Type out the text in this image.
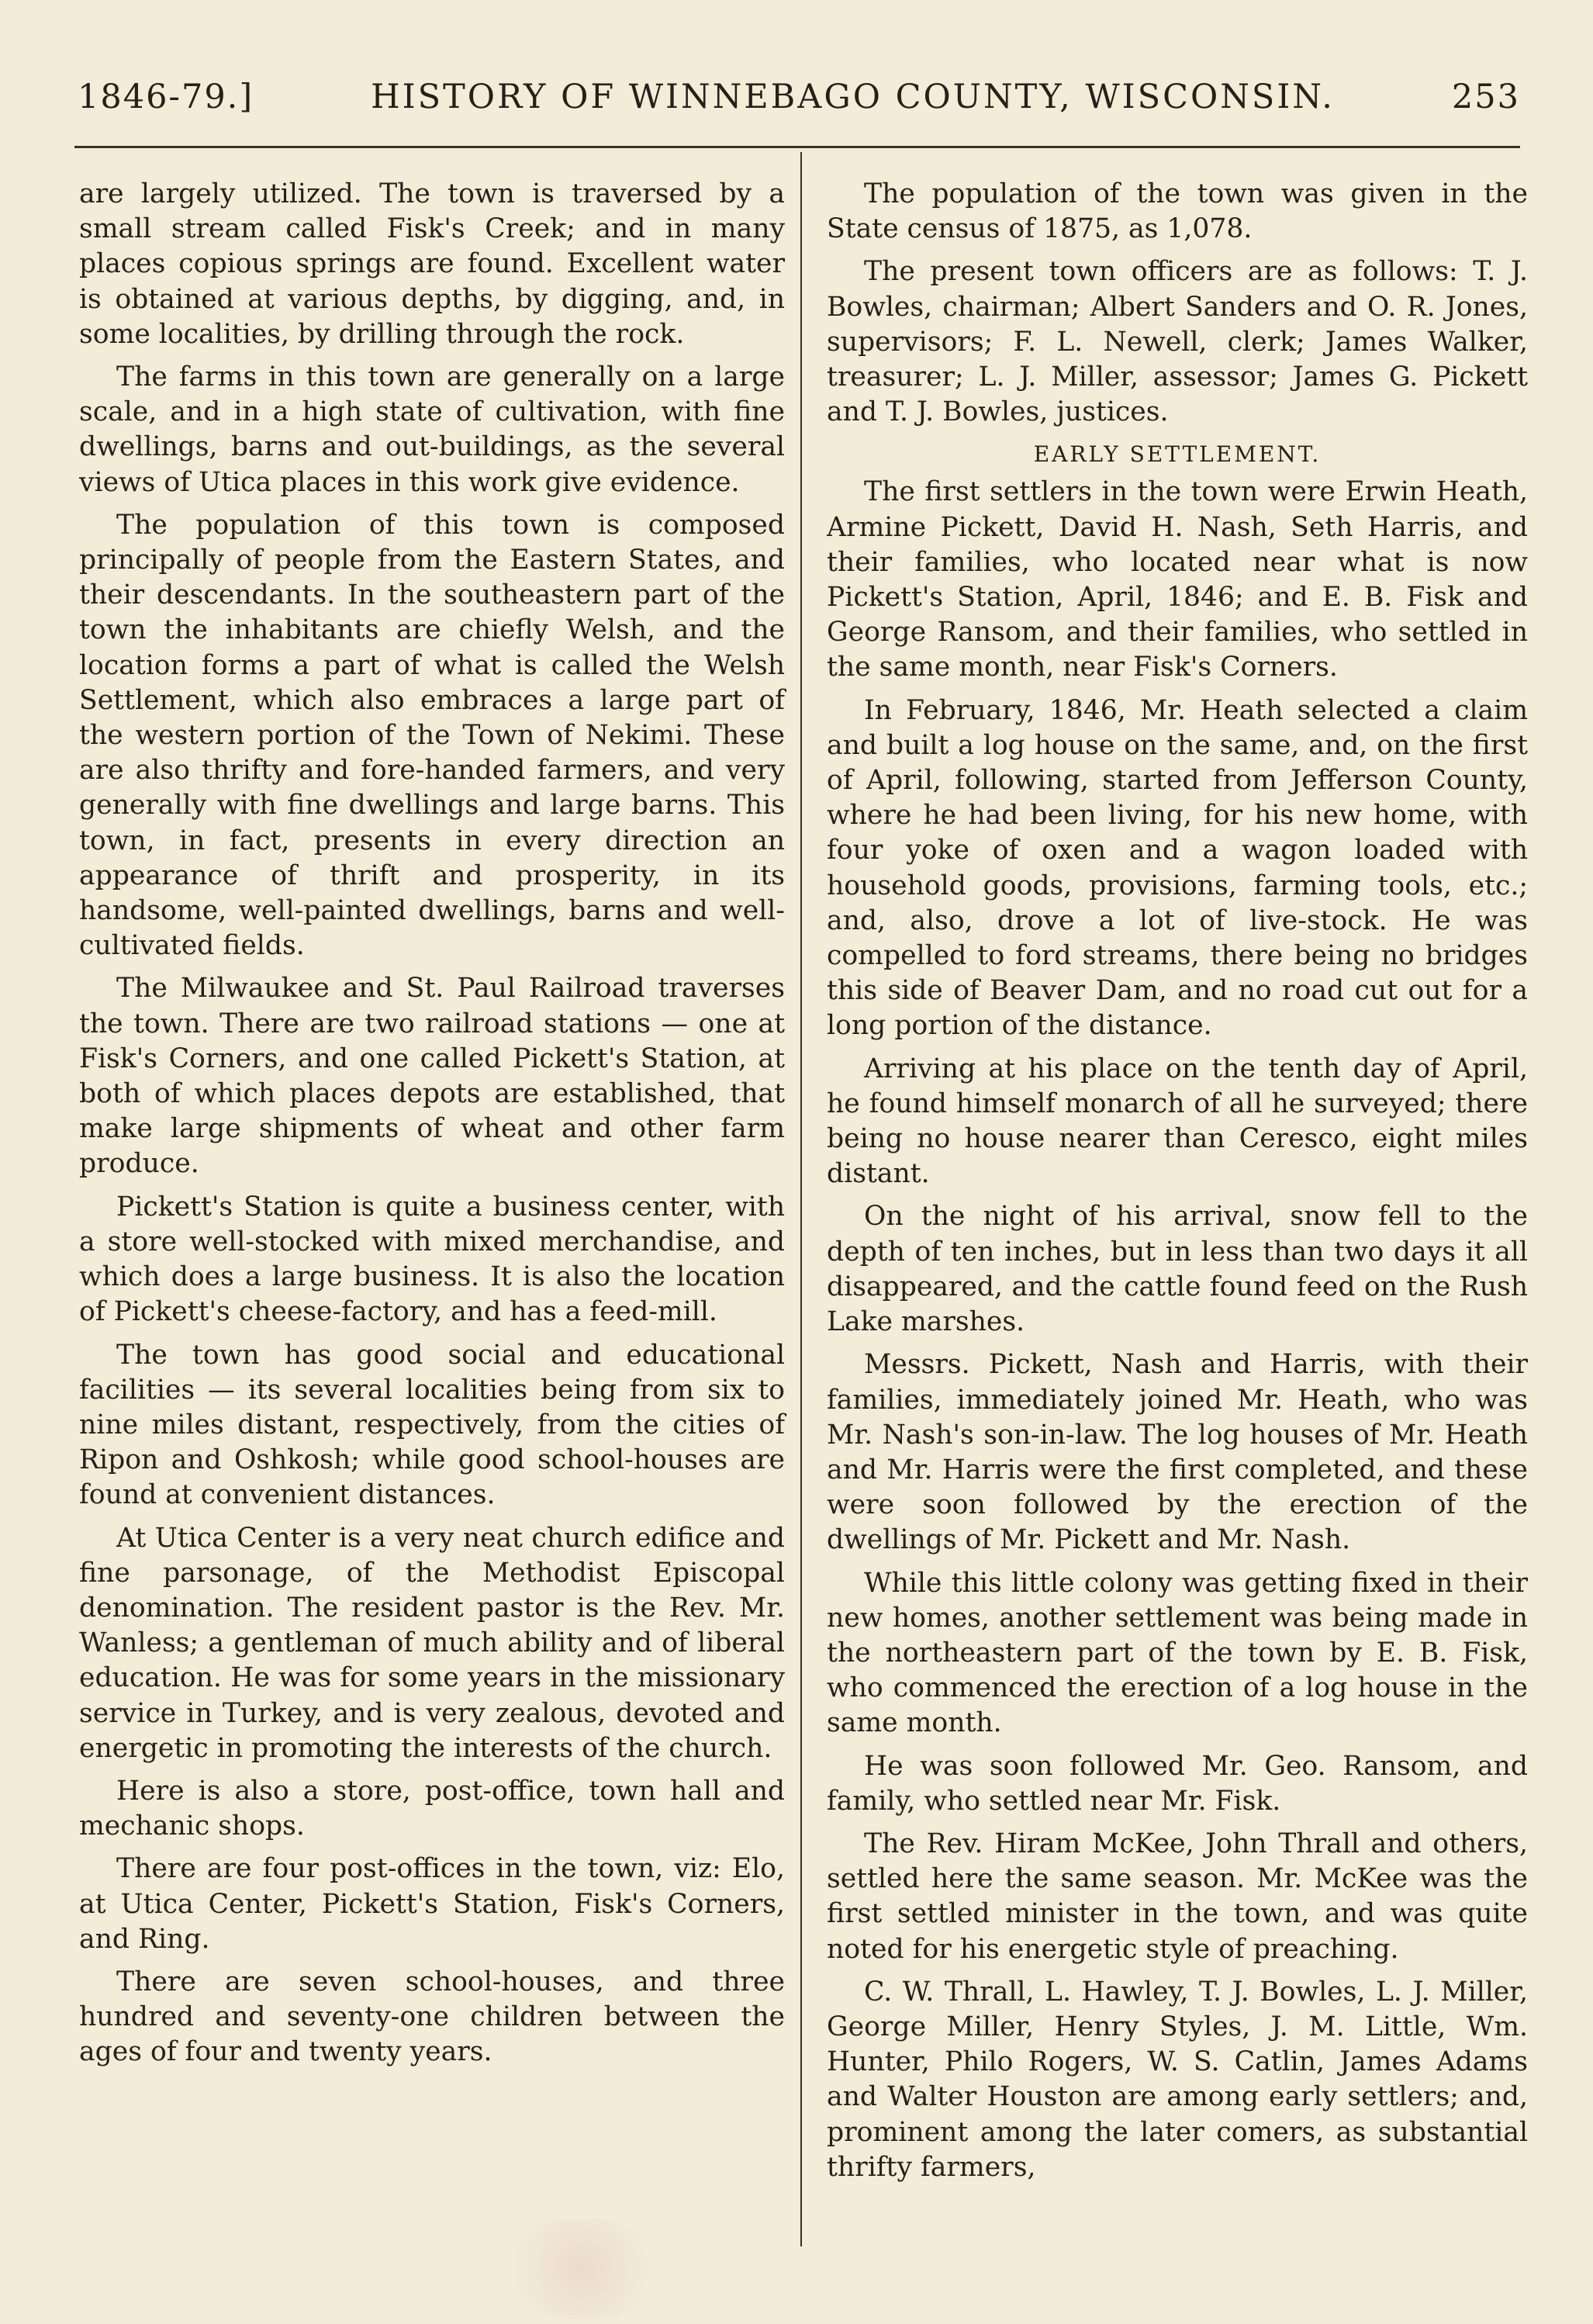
1846-79.]	HISTORY OF WINNEBAGO COUNTY, WISCONSIN.	253

are largely utilized. The town is traversed by a small stream called Fisk's Creek; and in many places copious springs are found. Excellent water is obtained at various depths, by digging, and, in some localities, by drilling through the rock.

The farms in this town are generally on a large scale, and in a high state of cultivation, with fine dwellings, barns and out-buildings, as the several views of Utica places in this work give evidence.

The population of this town is composed principally of people from the Eastern States, and their descendants. In the southeastern part of the town the inhabitants are chiefly Welsh, and the location forms a part of what is called the Welsh Settlement, which also embraces a large part of the western portion of the Town of Nekimi. These are also thrifty and fore-handed farmers, and very generally with fine dwellings and large barns. This town, in fact, presents in every direction an appearance of thrift and prosperity, in its handsome, well-painted dwellings, barns and well-cultivated fields.

The Milwaukee and St. Paul Railroad traverses the town. There are two railroad stations — one at Fisk's Corners, and one called Pickett's Station, at both of which places depots are established, that make large shipments of wheat and other farm produce.

Pickett's Station is quite a business center, with a store well-stocked with mixed merchandise, and which does a large business. It is also the location of Pickett's cheese-factory, and has a feed-mill.

The town has good social and educational facilities — its several localities being from six to nine miles distant, respectively, from the cities of Ripon and Oshkosh; while good school-houses are found at convenient distances.

At Utica Center is a very neat church edifice and fine parsonage, of the Methodist Episcopal denomination. The resident pastor is the Rev. Mr. Wanless; a gentleman of much ability and of liberal education. He was for some years in the missionary service in Turkey, and is very zealous, devoted and energetic in promoting the interests of the church.

Here is also a store, post-office, town hall and mechanic shops.

There are four post-offices in the town, viz: Elo, at Utica Center, Pickett's Station, Fisk's Corners, and Ring.

There are seven school-houses, and three hundred and seventy-one children between the ages of four and twenty years.

The population of the town was given in the State census of 1875, as 1,078.

The present town officers are as follows: T. J. Bowles, chairman; Albert Sanders and O. R. Jones, supervisors; F. L. Newell, clerk; James Walker, treasurer; L. J. Miller, assessor; James G. Pickett and T. J. Bowles, justices.

EARLY SETTLEMENT.

The first settlers in the town were Erwin Heath, Armine Pickett, David H. Nash, Seth Harris, and their families, who located near what is now Pickett's Station, April, 1846; and E. B. Fisk and George Ransom, and their families, who settled in the same month, near Fisk's Corners.

In February, 1846, Mr. Heath selected a claim and built a log house on the same, and, on the first of April, following, started from Jefferson County, where he had been living, for his new home, with four yoke of oxen and a wagon loaded with household goods, provisions, farming tools, etc.; and, also, drove a lot of live-stock. He was compelled to ford streams, there being no bridges this side of Beaver Dam, and no road cut out for a long portion of the distance.

Arriving at his place on the tenth day of April, he found himself monarch of all he surveyed; there being no house nearer than Ceresco, eight miles distant.

On the night of his arrival, snow fell to the depth of ten inches, but in less than two days it all disappeared, and the cattle found feed on the Rush Lake marshes.

Messrs. Pickett, Nash and Harris, with their families, immediately joined Mr. Heath, who was Mr. Nash's son-in-law. The log houses of Mr. Heath and Mr. Harris were the first completed, and these were soon followed by the erection of the dwellings of Mr. Pickett and Mr. Nash.

While this little colony was getting fixed in their new homes, another settlement was being made in the northeastern part of the town by E. B. Fisk, who commenced the erection of a log house in the same month.

He was soon followed Mr. Geo. Ransom, and family, who settled near Mr. Fisk.

The Rev. Hiram McKee, John Thrall and others, settled here the same season. Mr. McKee was the first settled minister in the town, and was quite noted for his energetic style of preaching.

C. W. Thrall, L. Hawley, T. J. Bowles, L. J. Miller, George Miller, Henry Styles, J. M. Little, Wm. Hunter, Philo Rogers, W. S. Catlin, James Adams and Walter Houston are among early settlers; and, prominent among the later comers, as substantial thrifty farmers,
